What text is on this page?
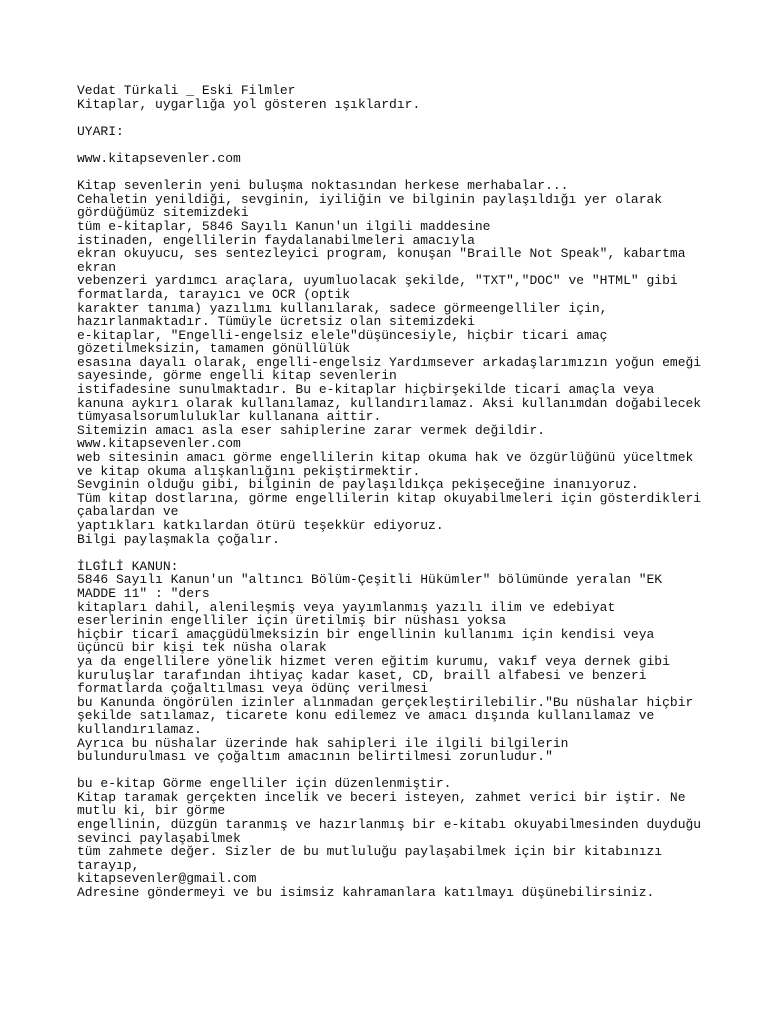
Vedat Türkali _ Eski Filmler
Kitaplar, uygarlığa yol gösteren ışıklardır.
UYARI:
www.kitapsevenler.com
Kitap sevenlerin yeni buluşma noktasından herkese merhabalar...
Cehaletin yenildiği, sevginin, iyiliğin ve bilginin paylaşıldığı yer olarak
gördüğümüz sitemizdeki
tüm e-kitaplar, 5846 Sayılı Kanun'un ilgili maddesine
istinaden, engellilerin faydalanabilmeleri amacıyla
ekran okuyucu, ses sentezleyici program, konuşan "Braille Not Speak", kabartma
ekran
vebenzeri yardımcı araçlara, uyumluolacak şekilde, "TXT","DOC" ve "HTML" gibi
formatlarda, tarayıcı ve OCR (optik
karakter tanıma) yazılımı kullanılarak, sadece görmeengelliler için,
hazırlanmaktadır. Tümüyle ücretsiz olan sitemizdeki
e-kitaplar, "Engelli-engelsiz elele"düşüncesiyle, hiçbir ticari amaç
gözetilmeksizin, tamamen gönüllülük
esasına dayalı olarak, engelli-engelsiz Yardımsever arkadaşlarımızın yoğun emeği
sayesinde, görme engelli kitap sevenlerin
istifadesine sunulmaktadır. Bu e-kitaplar hiçbirşekilde ticari amaçla veya
kanuna aykırı olarak kullanılamaz, kullandırılamaz. Aksi kullanımdan doğabilecek
tümyasalsorumluluklar kullanana aittir.
Sitemizin amacı asla eser sahiplerine zarar vermek değildir.
www.kitapsevenler.com
web sitesinin amacı görme engellilerin kitap okuma hak ve özgürlüğünü yüceltmek
ve kitap okuma alışkanlığını pekiştirmektir.
Sevginin olduğu gibi, bilginin de paylaşıldıkça pekişeceğine inanıyoruz.
Tüm kitap dostlarına, görme engellilerin kitap okuyabilmeleri için gösterdikleri
çabalardan ve
yaptıkları katkılardan ötürü teşekkür ediyoruz.
Bilgi paylaşmakla çoğalır.
İLGİLİ KANUN:
5846 Sayılı Kanun'un "altıncı Bölüm-Çeşitli Hükümler" bölümünde yeralan "EK
MADDE 11" : "ders
kitapları dahil, alenileşmiş veya yayımlanmış yazılı ilim ve edebiyat
eserlerinin engelliler için üretilmiş bir nüshası yoksa
hiçbir ticarî amaçgüdülmeksizin bir engellinin kullanımı için kendisi veya
üçüncü bir kişi tek nüsha olarak
ya da engellilere yönelik hizmet veren eğitim kurumu, vakıf veya dernek gibi
kuruluşlar tarafından ihtiyaç kadar kaset, CD, braill alfabesi ve benzeri
formatlarda çoğaltılması veya ödünç verilmesi
bu Kanunda öngörülen izinler alınmadan gerçekleştirilebilir."Bu nüshalar hiçbir
şekilde satılamaz, ticarete konu edilemez ve amacı dışında kullanılamaz ve
kullandırılamaz.
Ayrıca bu nüshalar üzerinde hak sahipleri ile ilgili bilgilerin
bulundurulması ve çoğaltım amacının belirtilmesi zorunludur."
bu e-kitap Görme engelliler için düzenlenmiştir.
Kitap taramak gerçekten incelik ve beceri isteyen, zahmet verici bir iştir. Ne
mutlu ki, bir görme
engellinin, düzgün taranmış ve hazırlanmış bir e-kitabı okuyabilmesinden duyduğu
sevinci paylaşabilmek
tüm zahmete değer. Sizler de bu mutluluğu paylaşabilmek için bir kitabınızı
tarayıp,
kitapsevenler@gmail.com
Adresine göndermeyi ve bu isimsiz kahramanlara katılmayı düşünebilirsiniz.
